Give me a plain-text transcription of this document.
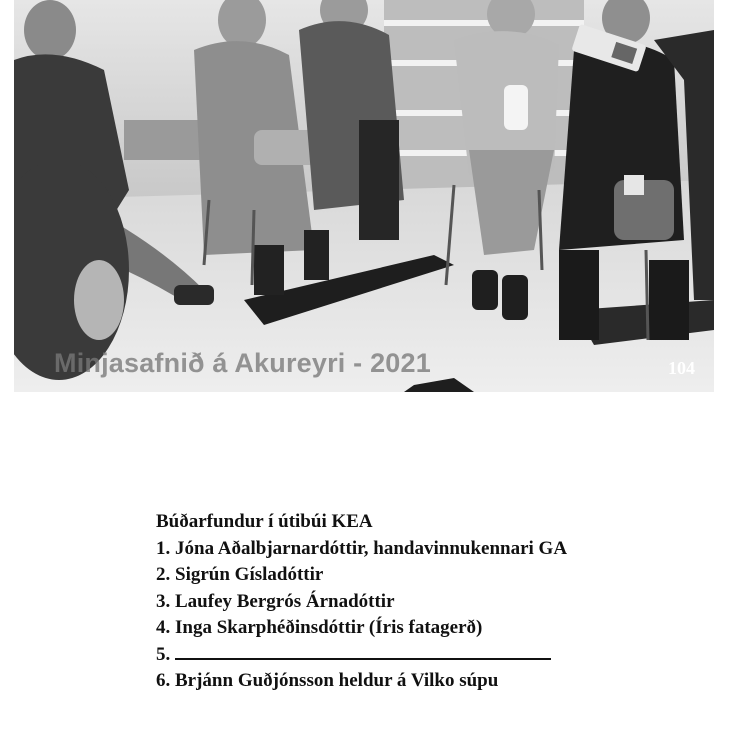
Minjasafnið á Akureyri - 2021	104
Búðarfundur í útibúi KEA
1. Jóna Aðalbjarnardóttir, handavinnukennari GA
2. Sigrún Gísladóttir
3. Laufey Bergrós Árnadóttir
4. Inga Skarphéðinsdóttir (Íris fatagerð)
5.
6. Brjánn Guðjónsson heldur á Vilko súpu
